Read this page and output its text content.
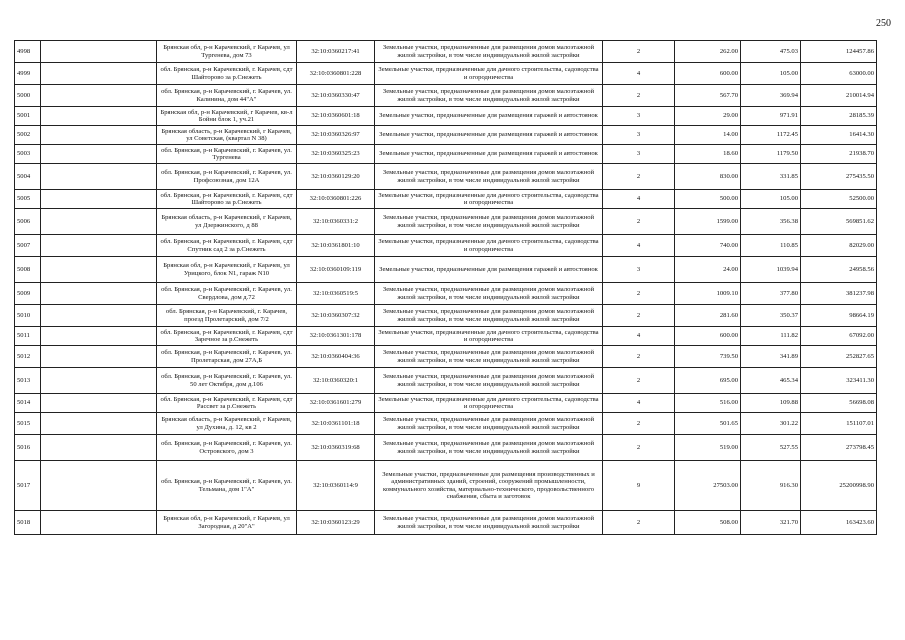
250
4998		Брянская обл, р-н Карачевский, г Карачев, ул Тургенева, дом 73	32:10:0360217:41	Земельные участки, предназначенные для размещения домов малоэтажной жилой застройки, в том числе индивидуальной жилой застройки	2	262.00	475.03	124457.86
4999		обл. Брянская, р-н Карачевский, г. Карачев, сдт Шайторово за р.Снежеть	32:10:0360801:228	Земельные участки, предназначенные для дачного строительства, садоводства и огородничества	4	600.00	105.00	63000.00
5000		обл. Брянская, р-н Карачевский, г. Карачев, ул. Калинина, дом 44"А"	32:10:0360330:47	Земельные участки, предназначенные для размещения домов малоэтажной жилой застройки, в том числе индивидуальной жилой застройки	2	567.70	369.94	210014.94
5001		Брянская обл, р-н Карачевский, г Карачев, кв-л Бойни блок 1, уч.21	32:10:0360601:18	Земельные участки, предназначенные для размещения гаражей и автостоянок	3	29.00	971.91	28185.39
5002		Брянская область, р-н Карачевский, г Карачев, ул Советская, (квартал N 38)	32:10:0360326:97	Земельные участки, предназначенные для размещения гаражей и автостоянок	3	14.00	1172.45	16414.30
5003		обл. Брянская, р-н Карачевский, г. Карачев, ул. Тургенева	32:10:0360325:23	Земельные участки, предназначенные для размещения гаражей и автостоянок	3	18.60	1179.50	21938.70
5004		обл. Брянская, р-н Карачевский, г. Карачев, ул. Профсоюзная, дом 12А	32:10:0360129:20	Земельные участки, предназначенные для размещения домов малоэтажной жилой застройки, в том числе индивидуальной жилой застройки	2	830.00	331.85	275435.50
5005		обл. Брянская, р-н Карачевский, г. Карачев, сдт Шайторово за р.Снежеть	32:10:0360801:226	Земельные участки, предназначенные для дачного строительства, садоводства и огородничества	4	500.00	105.00	52500.00
5006		Брянская область, р-н Карачевский, г Карачев, ул Дзержинского, д 88	32:10:0360331:2	Земельные участки, предназначенные для размещения домов малоэтажной жилой застройки, в том числе индивидуальной жилой застройки	2	1599.00	356.38	569851.62
5007		обл. Брянская, р-н Карачевский, г. Карачев, сдт Спутник сад 2 за р.Снежеть	32:10:0361801:10	Земельные участки, предназначенные для дачного строительства, садоводства и огородничества	4	740.00	110.85	82029.00
5008		Брянская обл, р-н Карачевский, г Карачев, ул Урицкого, блок N1, гараж N10	32:10:0360109:119	Земельные участки, предназначенные для размещения гаражей и автостоянок	3	24.00	1039.94	24958.56
5009		обл. Брянская, р-н Карачевский, г. Карачев, ул. Свердлова, дом д.72	32:10:0360519:5	Земельные участки, предназначенные для размещения домов малоэтажной жилой застройки, в том числе индивидуальной жилой застройки	2	1009.10	377.80	381237.98
5010		обл. Брянская, р-н Карачевский, г. Карачев, проезд Пролетарский, дом 7/2	32:10:0360307:32	Земельные участки, предназначенные для размещения домов малоэтажной жилой застройки, в том числе индивидуальной жилой застройки	2	281.60	350.37	98664.19
5011		обл. Брянская, р-н Карачевский, г. Карачев, сдт Заречное за р.Снежеть	32:10:0361301:178	Земельные участки, предназначенные для дачного строительства, садоводства и огородничества	4	600.00	111.82	67092.00
5012		обл. Брянская, р-н Карачевский, г. Карачев, ул. Пролетарская, дом 27А,Б	32:10:0360404:36	Земельные участки, предназначенные для размещения домов малоэтажной жилой застройки, в том числе индивидуальной жилой застройки	2	739.50	341.89	252827.65
5013		обл. Брянская, р-н Карачевский, г. Карачев, ул. 50 лет Октября, дом д.106	32:10:0360320:1	Земельные участки, предназначенные для размещения домов малоэтажной жилой застройки, в том числе индивидуальной жилой застройки	2	695.00	465.34	323411.30
5014		обл. Брянская, р-н Карачевский, г. Карачев, сдт Рассвет за р.Снежеть	32:10:0361601:279	Земельные участки, предназначенные для дачного строительства, садоводства и огородничества	4	516.00	109.88	56698.08
5015		Брянская область, р-н Карачевский, г Карачев, ул Духина, д. 12, кв 2	32:10:0361101:18	Земельные участки, предназначенные для размещения домов малоэтажной жилой застройки, в том числе индивидуальной жилой застройки	2	501.65	301.22	151107.01
5016		обл. Брянская, р-н Карачевский, г. Карачев, ул. Островского, дом 3	32:10:0360319:68	Земельные участки, предназначенные для размещения домов малоэтажной жилой застройки, в том числе индивидуальной жилой застройки	2	519.00	527.55	273798.45
5017		обл. Брянская, р-н Карачевский, г. Карачев, ул. Тельмана, дом 1"А"	32:10:0360114:9	Земельные участки, предназначенные для размещения производственных и административных зданий, строений, сооружений промышленности, коммунального хозяйства, материально-технического, продовольственного снабжения, сбыта и заготовок	9	27503.00	916.30	25200998.90
5018		Брянская обл, р-н Карачевский, г Карачев, ул Загородная, д 20"А"	32:10:0360123:29	Земельные участки, предназначенные для размещения домов малоэтажной жилой застройки, в том числе индивидуальной жилой застройки	2	508.00	321.70	163423.60
